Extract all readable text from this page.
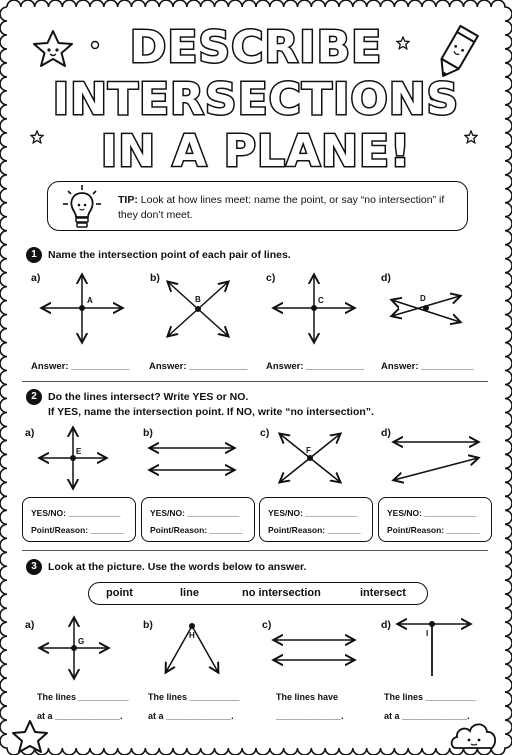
DESCRIBE
INTERSECTIONS
IN A PLANE!
TIP: Look at how lines meet: name the point, or say “no intersection” if they don’t meet.
1	Name the intersection point of each pair of lines.
a)	b)	c)	d)
A	B	C	D
Answer: ___________ Answer: ___________ Answer: ___________ Answer: __________
2	Do the lines intersect? Write YES or NO.
If YES, name the intersection point. If NO, write “no intersection”.
a)	b)	c)	d)
E	F
YES/NO: ___________
Point/Reason: _______
YES/NO: ___________
Point/Reason: _______
YES/NO: ___________
Point/Reason: _______
YES/NO: ___________
Point/Reason: _______
3	Look at the picture. Use the words below to answer.
point	line	no intersection	intersect
a)	b)	c)	d)
G
H	I
The lines __________
at a _____________.
The lines __________
at a _____________.
The lines have
_____________.
The lines __________
at a _____________.
